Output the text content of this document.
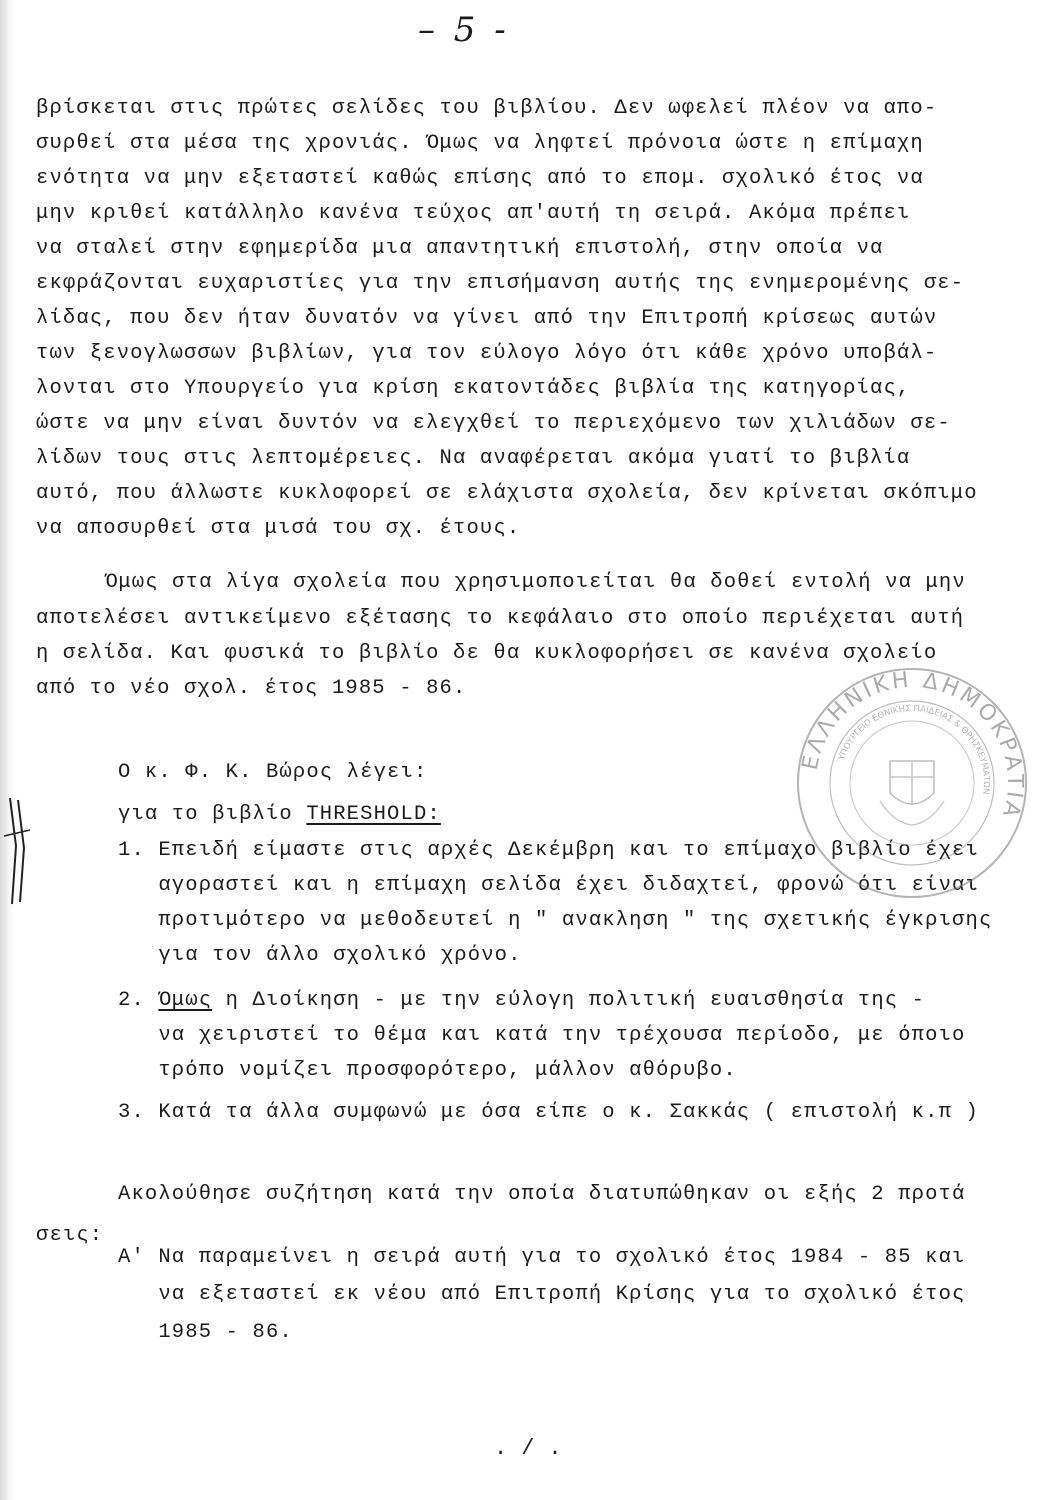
– 5 -
βρίσκεται στις πρώτες σελίδες του βιβλίου. Δεν ωφελεί πλέον να απο-
συρθεί στα μέσα της χρονιάς. Όμως να ληφτεί πρόνοια ώστε η επίμαχη
ενότητα να μην εξεταστεί καθώς επίσης από το επομ. σχολικό έτος να
μην κριθεί κατάλληλο κανένα τεύχος απ'αυτή τη σειρά. Ακόμα πρέπει
να σταλεί στην εφημερίδα μια απαντητική επιστολή, στην οποία να
εκφράζονται ευχαριστίες για την επισήμανση αυτής της ενημερομένης σε-
λίδας, που δεν ήταν δυνατόν να γίνει από την Επιτροπή κρίσεως αυτών
των ξενογλωσσων βιβλίων, για τον εύλογο λόγο ότι κάθε χρόνο υποβάλ-
λονται στο Υπουργείο για κρίση εκατοντάδες βιβλία της κατηγορίας,
ώστε να μην είναι δυντόν να ελεγχθεί το περιεχόμενο των χιλιάδων σε-
λίδων τους στις λεπτομέρειες. Να αναφέρεται ακόμα γιατί το βιβλία
αυτό, που άλλωστε κυκλοφορεί σε ελάχιστα σχολεία, δεν κρίνεται σκόπιμο
να αποσυρθεί στα μισά του σχ. έτους.
Όμως στα λίγα σχολεία που χρησιμοποιείται θα δοθεί εντολή να μην
αποτελέσει αντικείμενο εξέτασης το κεφάλαιο στο οποίο περιέχεται αυτή
η σελίδα. Και φυσικά το βιβλίο δε θα κυκλοφορήσει σε κανένα σχολείο
από το νέο σχολ. έτος 1985 - 86.
Ο κ. Φ. Κ. Βώρος λέγει:
για το βιβλίο THRESHOLD:
1. Επειδή είμαστε στις αρχές Δεκέμβρη και το επίμαχο βιβλίο έχει
αγοραστεί και η επίμαχη σελίδα έχει διδαχτεί, φρονώ ότι είναι
προτιμότερο να μεθοδευτεί η " ανακληση " της σχετικής έγκρισης
για τον άλλο σχολικό χρόνο.
2. Όμως η Διοίκηση - με την εύλογη πολιτική ευαισθησία της -
να χειριστεί το θέμα και κατά την τρέχουσα περίοδο, με όποιο
τρόπο νομίζει προσφορότερο, μάλλον αθόρυβο.
3. Κατά τα άλλα συμφωνώ με όσα είπε ο κ. Σακκάς ( επιστολή κ.π )
Ακολούθησε συζήτηση κατά την οποία διατυπώθηκαν οι εξής 2 προτά
σεις:
Α' Να παραμείνει η σειρά αυτή για το σχολικό έτος 1984 - 85 και
να εξεταστεί εκ νέου από Επιτροπή Κρίσης για το σχολικό έτος
1985 - 86.
./.
ΕΛΛΗΝΙΚΗ ΔΗΜΟΚΡΑΤΙΑ
ΥΠΟΥΡΓΕΙΟ ΕΘΝΙΚΗΣ ΠΑΙΔΕΙΑΣ & ΘΡΗΣΚΕΥΜΑΤΩΝ
